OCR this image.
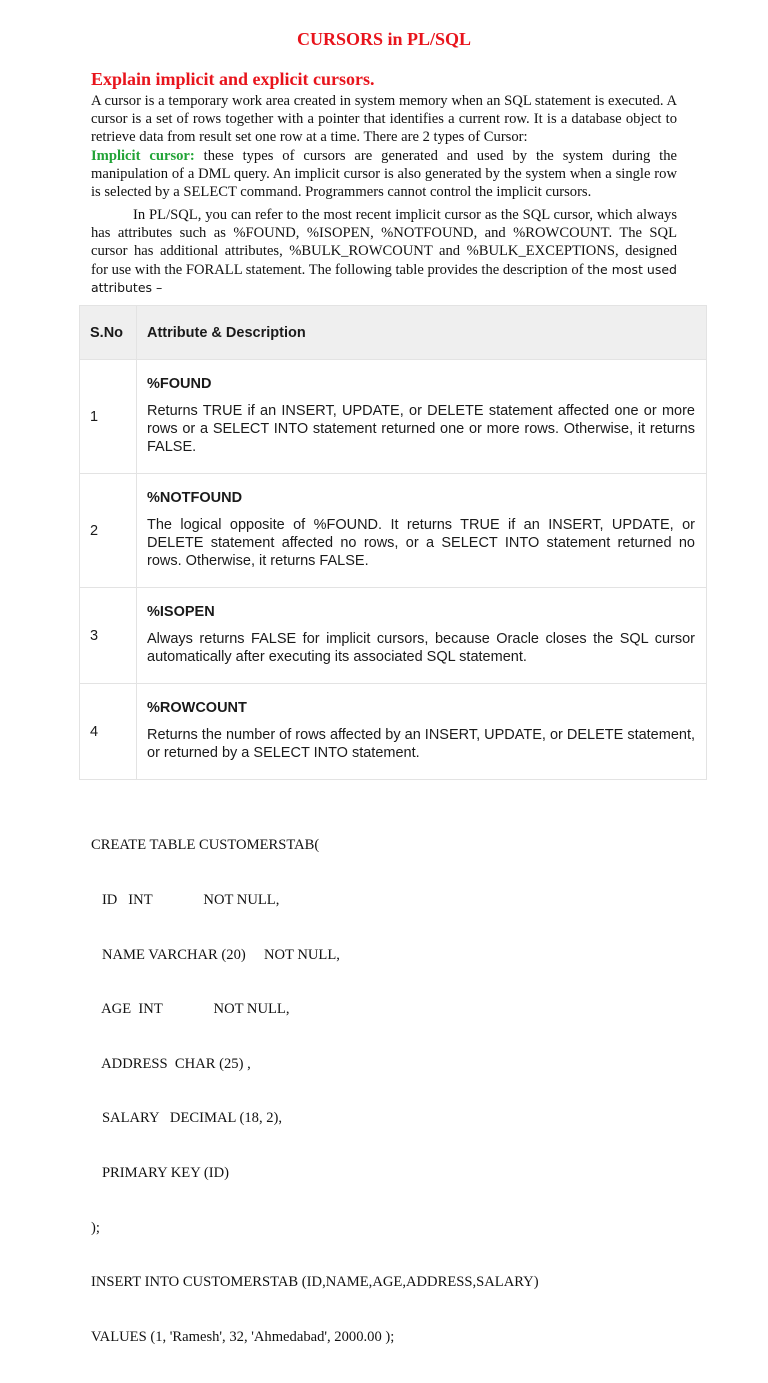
CURSORS in PL/SQL
Explain implicit and explicit cursors.
A cursor is a temporary work area created in system memory when an SQL statement is executed. A cursor is a set of rows together with a pointer that identifies a current row. It is a database object to retrieve data from result set one row at a time. There are 2 types of Cursor:
Implicit cursor: these types of cursors are generated and used by the system during the manipulation of a DML query. An implicit cursor is also generated by the system when a single row is selected by a SELECT command. Programmers cannot control the implicit cursors.
In PL/SQL, you can refer to the most recent implicit cursor as the SQL cursor, which always has attributes such as %FOUND, %ISOPEN, %NOTFOUND, and %ROWCOUNT. The SQL cursor has additional attributes, %BULK_ROWCOUNT and %BULK_EXCEPTIONS, designed for use with the FORALL statement. The following table provides the description of the most used attributes –
S.No	Attribute & Description
1	%FOUND
Returns TRUE if an INSERT, UPDATE, or DELETE statement affected one or more rows or a SELECT INTO statement returned one or more rows. Otherwise, it returns FALSE.

2	%NOTFOUND
The logical opposite of %FOUND. It returns TRUE if an INSERT, UPDATE, or DELETE statement affected no rows, or a SELECT INTO statement returned no rows. Otherwise, it returns FALSE.

3	%ISOPEN
Always returns FALSE for implicit cursors, because Oracle closes the SQL cursor automatically after executing its associated SQL statement.

4	%ROWCOUNT
Returns the number of rows affected by an INSERT, UPDATE, or DELETE statement, or returned by a SELECT INTO statement.

CREATE TABLE CUSTOMERSTAB(

ID   INT              NOT NULL,

NAME VARCHAR (20)     NOT NULL,

AGE  INT              NOT NULL,

ADDRESS  CHAR (25) ,

SALARY   DECIMAL (18, 2),

PRIMARY KEY (ID)

);

INSERT INTO CUSTOMERSTAB (ID,NAME,AGE,ADDRESS,SALARY)

VALUES (1, 'Ramesh', 32, 'Ahmedabad', 2000.00 );
